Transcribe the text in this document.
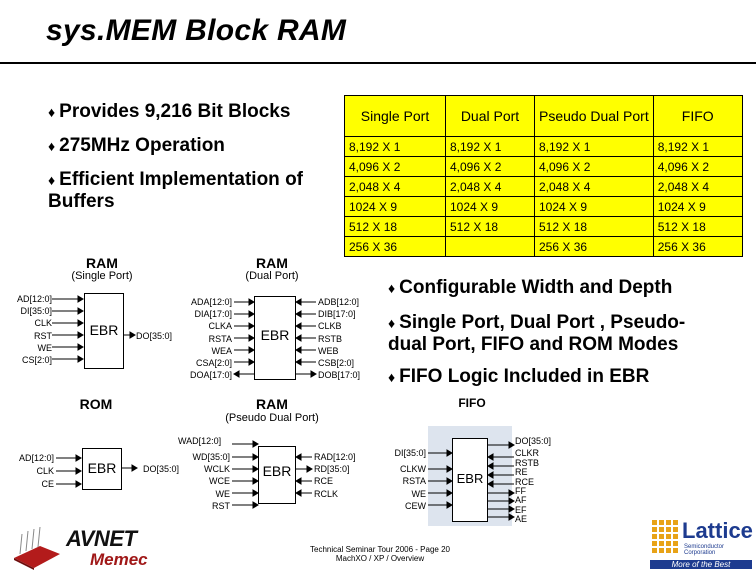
sys.MEM Block RAM
♦ Provides 9,216 Bit Blocks
♦ 275MHz Operation
♦ Efficient Implementation of Buffers
Single Port	Dual Port	Pseudo Dual Port	FIFO
8,192 X 1	8,192 X 1	8,192 X 1	8,192 X 1
4,096 X 2	4,096 X 2	4,096 X 2	4,096 X 2
2,048 X 4	2,048 X 4	2,048 X 4	2,048 X 4
1024 X 9	1024 X 9	1024 X 9	1024 X 9
512 X 18	512 X 18	512 X 18	512 X 18
256 X 36		256 X 36	256 X 36
♦ Configurable Width and Depth
♦ Single Port, Dual Port , Pseudo-dual Port, FIFO and ROM Modes
♦ FIFO Logic Included in EBR
RAM
(Single Port)
AD[12:0]
DI[35:0]
CLK
RST
WE
CS[2:0]
EBR	DO[35:0]
RAM
(Dual Port)
ADA[12:0]
DIA[17:0]
CLKA
RSTA
WEA
CSA[2:0]
DOA[17:0]
EBR
ADB[12:0]
DIB[17:0]
CLKB
RSTB
WEB
CSB[2:0]
DOB[17:0]
ROM
AD[12:0]
CLK
CE
EBR	DO[35:0]
RAM
(Pseudo Dual Port)
WAD[12:0]
WD[35:0]
WCLK
WCE
WE
RST
EBR
RAD[12:0]
RD[35:0]
RCE
RCLK
FIFO
DI[35:0]
CLKW
RSTA
WE
CEW
EBR
DO[35:0]
CLKR
RSTB
RE
RCE
FF
AF
EF
AE
AVNET
Memec
Technical Seminar Tour 2006 - Page 20
MachXO / XP / Overview
Lattice
Semiconductor Corporation
More of the Best
